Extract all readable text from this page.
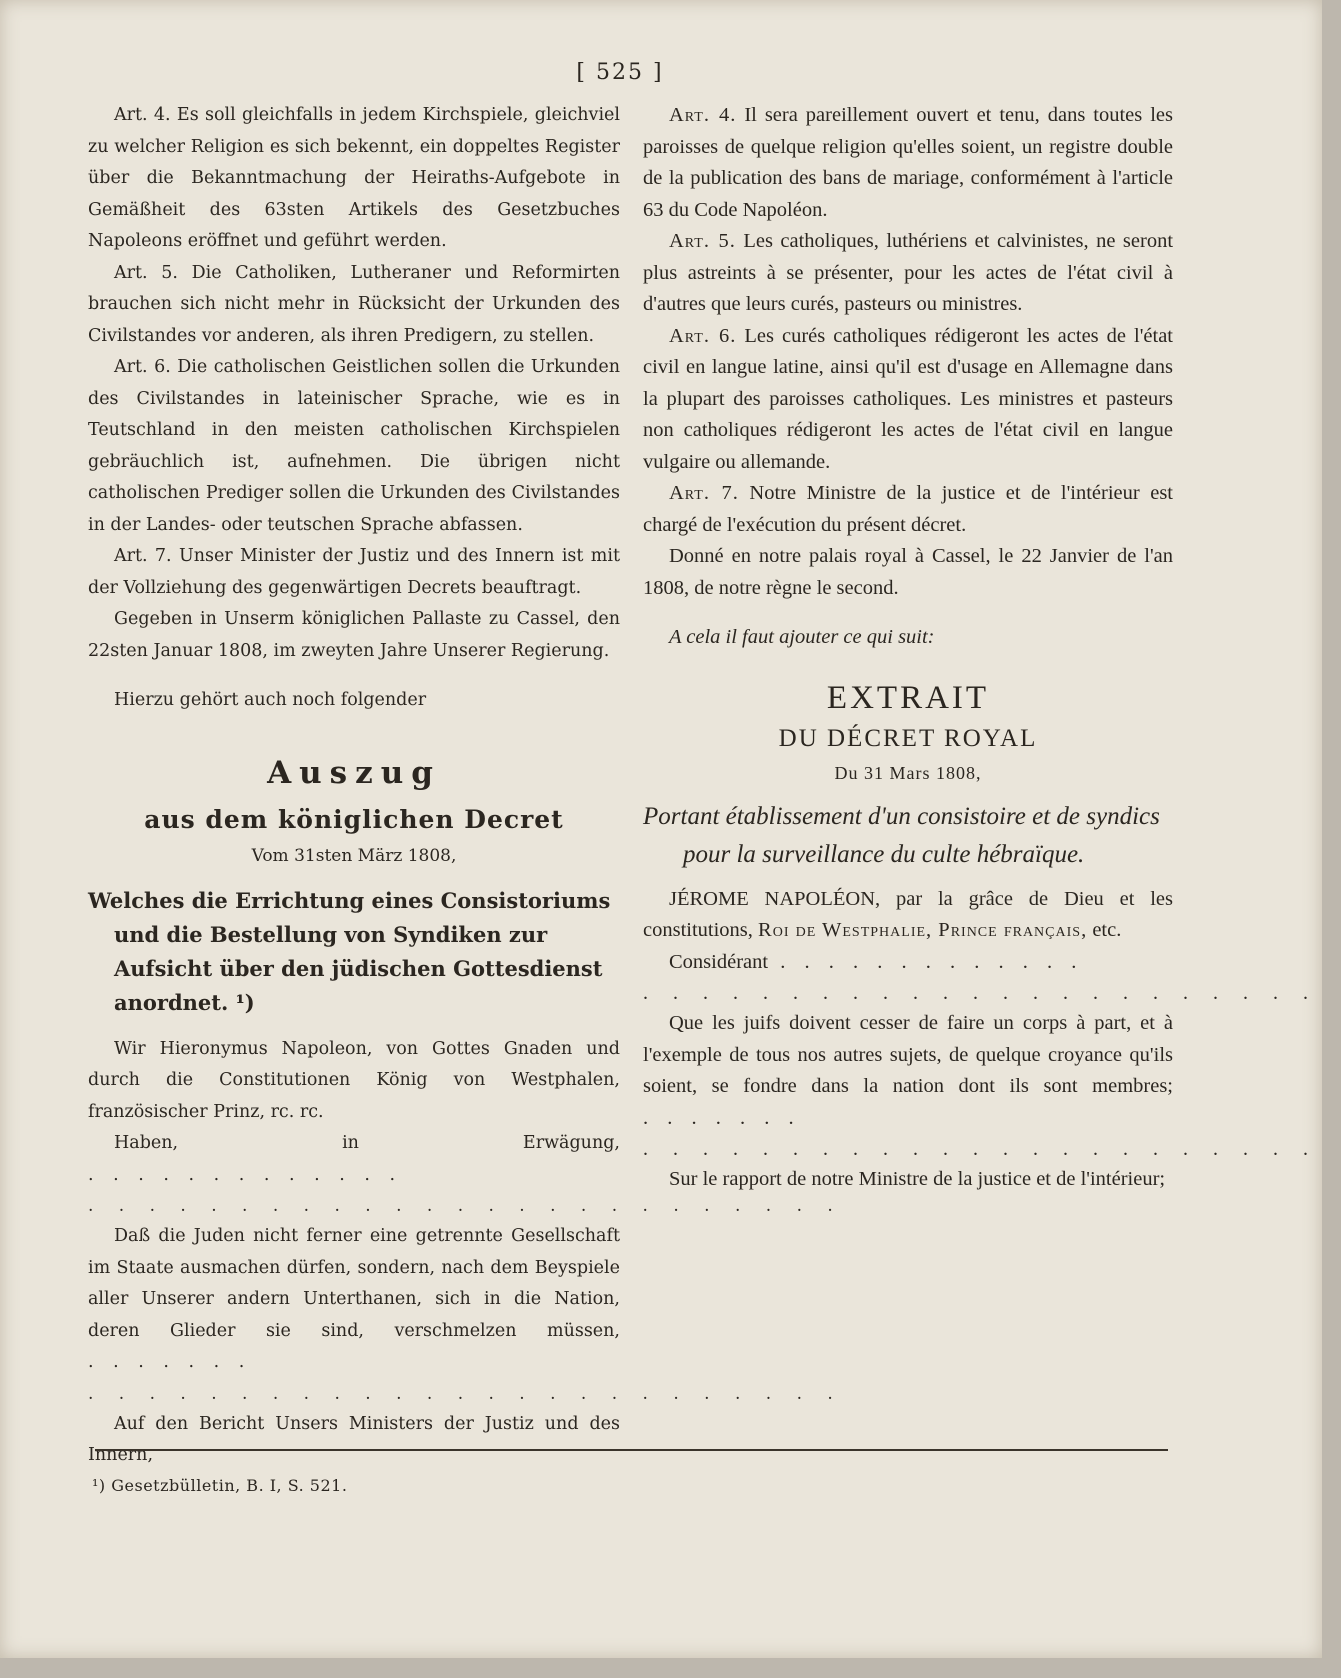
[ 525 ]

Art. 4. Es soll gleichfalls in jedem Kirchspiele, gleichviel zu welcher Religion es sich bekennt, ein doppeltes Register über die Bekanntmachung der Heiraths-Aufgebote in Gemäßheit des 63sten Artikels des Gesetzbuches Napoleons eröffnet und geführt werden.

Art. 5. Die Catholiken, Lutheraner und Reformirten brauchen sich nicht mehr in Rücksicht der Urkunden des Civilstandes vor anderen, als ihren Predigern, zu stellen.

Art. 6. Die catholischen Geistlichen sollen die Urkunden des Civilstandes in lateinischer Sprache, wie es in Teutschland in den meisten catholischen Kirchspielen gebräuchlich ist, aufnehmen. Die übrigen nicht catholischen Prediger sollen die Urkunden des Civilstandes in der Landes- oder teutschen Sprache abfassen.

Art. 7. Unser Minister der Justiz und des Innern ist mit der Vollziehung des gegenwärtigen Decrets beauftragt.

Gegeben in Unserm königlichen Pallaste zu Cassel, den 22sten Januar 1808, im zweyten Jahre Unserer Regierung.

Hierzu gehört auch noch folgender

Auszug

aus dem königlichen Decret

Vom 31sten März 1808,

Welches die Errichtung eines Consistoriums und die Bestellung von Syndiken zur Aufsicht über den jüdischen Gottesdienst anordnet. ¹)

Wir Hieronymus Napoleon, von Gottes Gnaden und durch die Constitutionen König von Westphalen, französischer Prinz, rc. rc.

Haben, in Erwägung, . . . . . . . . . . . . .

. . . . . . . . . . . . . . . . . . . . . . . . .

Daß die Juden nicht ferner eine getrennte Gesellschaft im Staate ausmachen dürfen, sondern, nach dem Beyspiele aller Unserer andern Unterthanen, sich in die Nation, deren Glieder sie sind, verschmelzen müssen, . . . . . . .

. . . . . . . . . . . . . . . . . . . . . . . . .

Auf den Bericht Unsers Ministers der Justiz und des Innern,

Art. 4. Il sera pareillement ouvert et tenu, dans toutes les paroisses de quelque religion qu'elles soient, un registre double de la publication des bans de mariage, conformément à l'article 63 du Code Napoléon.

Art. 5. Les catholiques, luthériens et calvinistes, ne seront plus astreints à se présenter, pour les actes de l'état civil à d'autres que leurs curés, pasteurs ou ministres.

Art. 6. Les curés catholiques rédigeront les actes de l'état civil en langue latine, ainsi qu'il est d'usage en Allemagne dans la plupart des paroisses catholiques. Les ministres et pasteurs non catholiques rédigeront les actes de l'état civil en langue vulgaire ou allemande.

Art. 7. Notre Ministre de la justice et de l'intérieur est chargé de l'exécution du présent décret.

Donné en notre palais royal à Cassel, le 22 Janvier de l'an 1808, de notre règne le second.

A cela il faut ajouter ce qui suit:

EXTRAIT

DU DÉCRET ROYAL

Du 31 Mars 1808,

Portant établissement d'un consistoire et de syndics pour la surveillance du culte hébraïque.

JÉROME NAPOLÉON, par la grâce de Dieu et les constitutions, Roi de Westphalie, Prince français, etc.

Considérant . . . . . . . . . . . . .

. . . . . . . . . . . . . . . . . . . . . . .

Que les juifs doivent cesser de faire un corps à part, et à l'exemple de tous nos autres sujets, de quelque croyance qu'ils soient, se fondre dans la nation dont ils sont membres; . . . . . . .

. . . . . . . . . . . . . . . . . . . . . . .

Sur le rapport de notre Ministre de la justice et de l'intérieur;

¹) Gesetzbülletin, B. I, S. 521.
